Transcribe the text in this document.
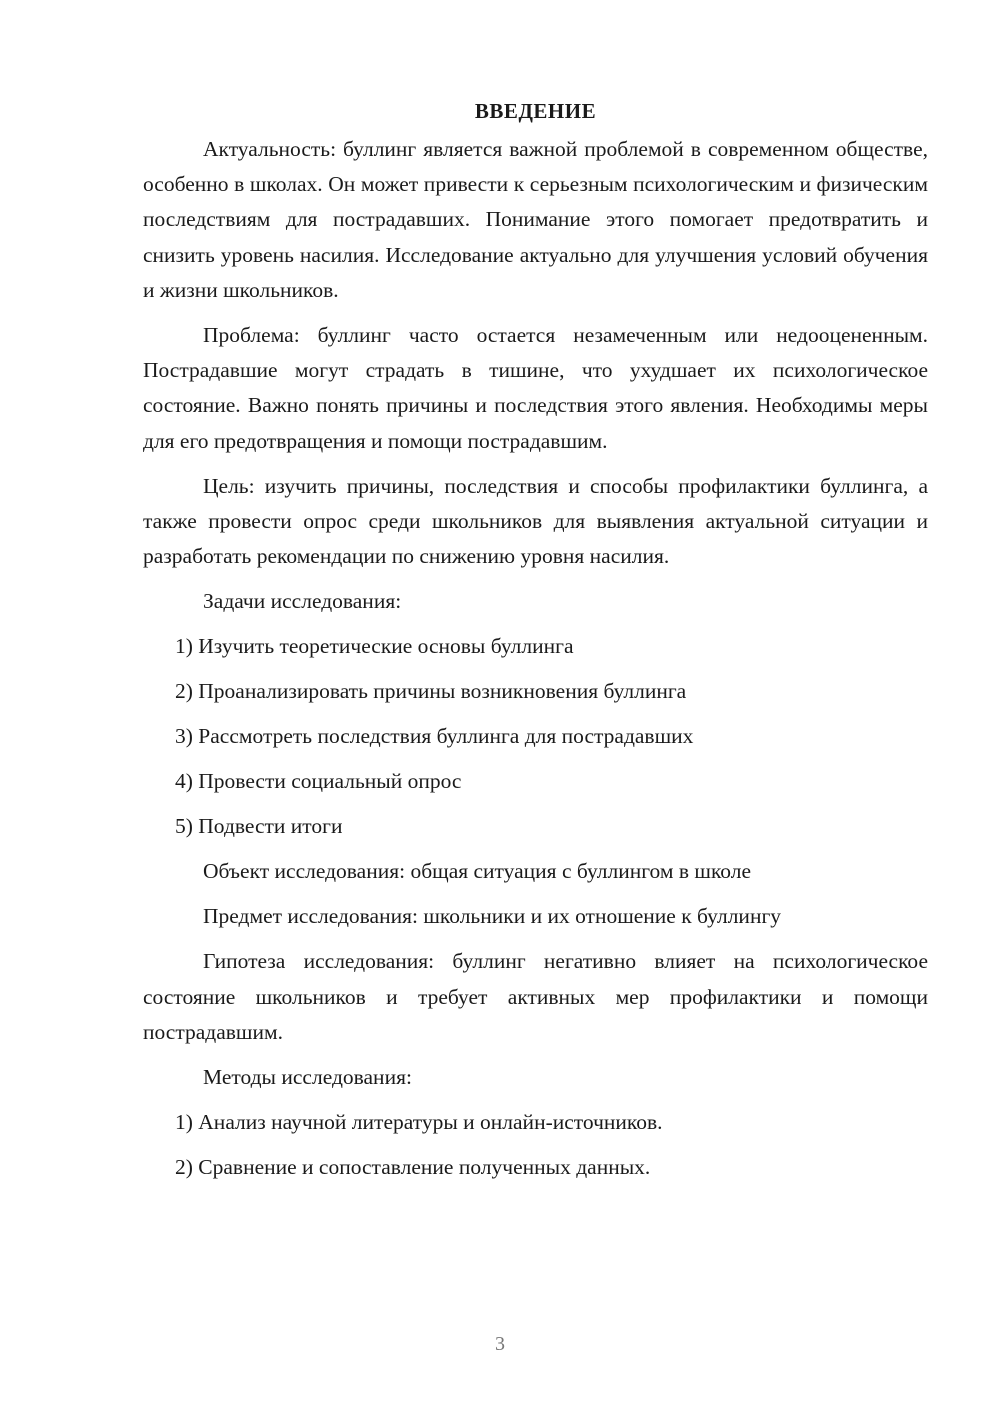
ВВЕДЕНИЕ

Актуальность: буллинг является важной проблемой в современном обществе, особенно в школах. Он может привести к серьезным психологическим и физическим последствиям для пострадавших. Понимание этого помогает предотвратить и снизить уровень насилия. Исследование актуально для улучшения условий обучения и жизни школьников.

Проблема: буллинг часто остается незамеченным или недооцененным. Пострадавшие могут страдать в тишине, что ухудшает их психологическое состояние. Важно понять причины и последствия этого явления. Необходимы меры для его предотвращения и помощи пострадавшим.

Цель: изучить причины, последствия и способы профилактики буллинга, а также провести опрос среди школьников для выявления актуальной ситуации и разработать рекомендации по снижению уровня насилия.

Задачи исследования:
1) Изучить теоретические основы буллинга
2) Проанализировать причины возникновения буллинга
3) Рассмотреть последствия буллинга для пострадавших
4) Провести социальный опрос
5) Подвести итоги
Объект исследования: общая ситуация с буллингом в школе
Предмет исследования: школьники и их отношение к буллингу

Гипотеза исследования: буллинг негативно влияет на психологическое состояние школьников и требует активных мер профилактики и помощи пострадавшим.

Методы исследования:
1) Анализ научной литературы и онлайн-источников.
2) Сравнение и сопоставление полученных данных.
3
